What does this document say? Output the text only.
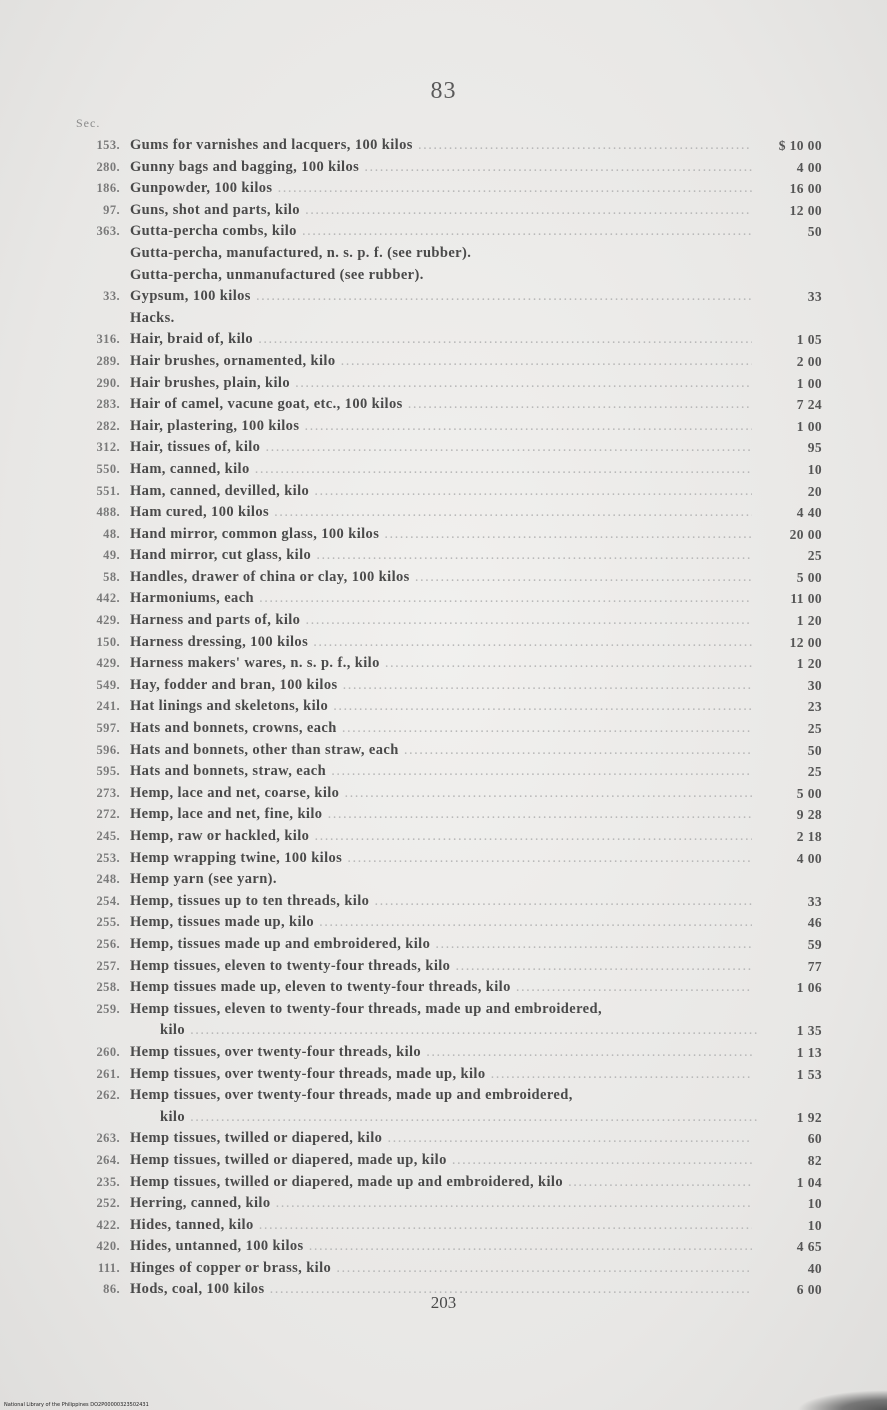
83
Sec.
153. Gums for varnishes and lacquers, 100 kilos .....	$ 10 00
280. Gunny bags and bagging, 100 kilos .....	4 00
186. Gunpowder, 100 kilos .....	16 00
97. Guns, shot and parts, kilo .....	12 00
363. Gutta-percha combs, kilo .....	50
Gutta-percha, manufactured, n. s. p. f. (see rubber).
Gutta-percha, unmanufactured (see rubber).
33. Gypsum, 100 kilos .....	33
Hacks.
316. Hair, braid of, kilo .....	1 05
289. Hair brushes, ornamented, kilo .....	2 00
290. Hair brushes, plain, kilo .....	1 00
283. Hair of camel, vacune goat, etc., 100 kilos .....	7 24
282. Hair, plastering, 100 kilos .....	1 00
312. Hair, tissues of, kilo .....	95
550. Ham, canned, kilo .....	10
551. Ham, canned, devilled, kilo .....	20
488. Ham cured, 100 kilos .....	4 40
48. Hand mirror, common glass, 100 kilos .....	20 00
49. Hand mirror, cut glass, kilo .....	25
58. Handles, drawer of china or clay, 100 kilos .....	5 00
442. Harmoniums, each .....	11 00
429. Harness and parts of, kilo .....	1 20
150. Harness dressing, 100 kilos .....	12 00
429. Harness makers' wares, n. s. p. f., kilo .....	1 20
549. Hay, fodder and bran, 100 kilos .....	30
241. Hat linings and skeletons, kilo .....	23
597. Hats and bonnets, crowns, each .....	25
596. Hats and bonnets, other than straw, each .....	50
595. Hats and bonnets, straw, each .....	25
273. Hemp, lace and net, coarse, kilo .....	5 00
272. Hemp, lace and net, fine, kilo .....	9 28
245. Hemp, raw or hackled, kilo .....	2 18
253. Hemp wrapping twine, 100 kilos .....	4 00
248. Hemp yarn (see yarn).
254. Hemp, tissues up to ten threads, kilo .....	33
255. Hemp, tissues made up, kilo .....	46
256. Hemp, tissues made up and embroidered, kilo .....	59
257. Hemp tissues, eleven to twenty-four threads, kilo .....	77
258. Hemp tissues made up, eleven to twenty-four threads, kilo .....	1 06
259. Hemp tissues, eleven to twenty-four threads, made up and embroidered,
kilo .....	1 35
260. Hemp tissues, over twenty-four threads, kilo .....	1 13
261. Hemp tissues, over twenty-four threads, made up, kilo .....	1 53
262. Hemp tissues, over twenty-four threads, made up and embroidered,
kilo .....	1 92
263. Hemp tissues, twilled or diapered, kilo .....	60
264. Hemp tissues, twilled or diapered, made up, kilo .....	82
235. Hemp tissues, twilled or diapered, made up and embroidered, kilo .....	1 04
252. Herring, canned, kilo .....	10
422. Hides, tanned, kilo .....	10
420. Hides, untanned, 100 kilos .....	4 65
111. Hinges of copper or brass, kilo .....	40
86. Hods, coal, 100 kilos .....	6 00
203
National Library of the Philippines DO2P00000323502431
